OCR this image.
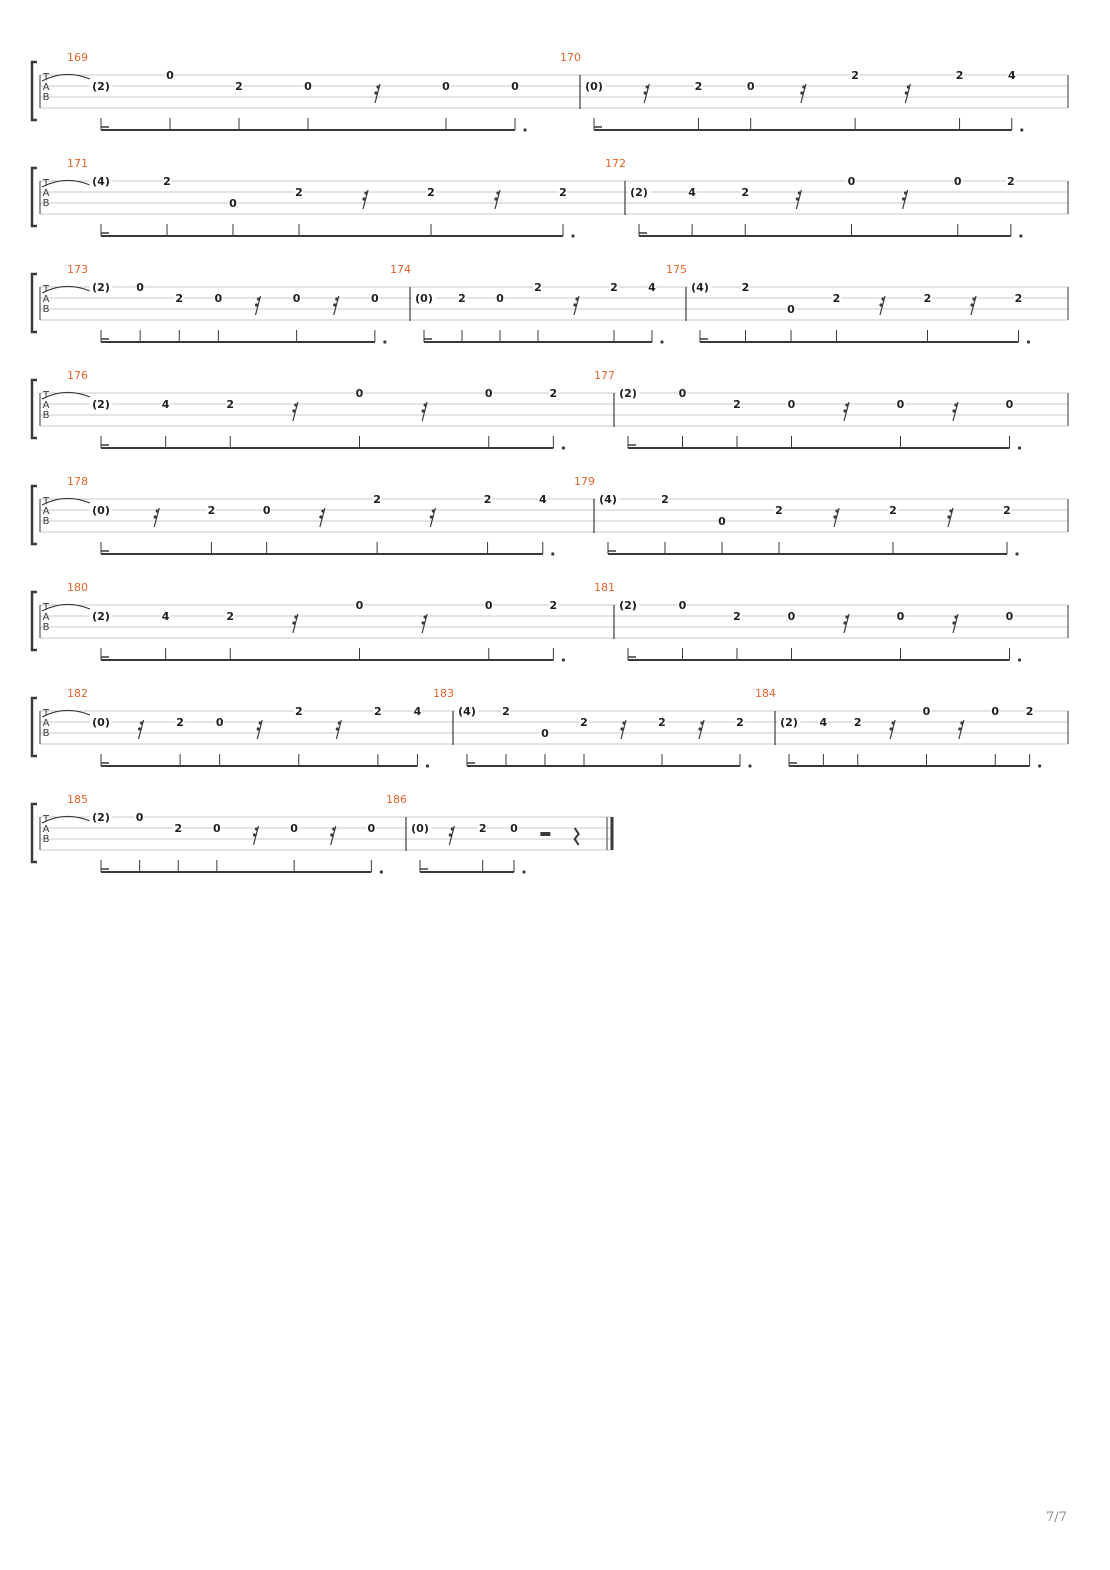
T
A
B
169
(2)
0
2	0	0	0
170
(0)	2	0
2	2	4
T
A
B
171
(4)	2
0
2	2	2
172
(2)	4	2
0	0	2
T
A
B
173
(2) 0
2	0	0	0
174
(0) 2	0
2	2	4
175
(4)	2
0
2	2	2
T
A
B
176
(2)	4	2
0	0	2
177
(2)	0
2	0	0	0
T
A
B
178
(0)	2	0
2	2	4
179
(4)	2
0
2	2	2
T
A
B
180
(2)	4	2
0	0	2
181
(2)	0
2	0	0	0
T
A
B
182
(0)	2	0
2	2	4
183
(4) 2
0
2	2	2
184
(2) 4 2
0	0 2
T
A
B
185
(2) 0
2	0	0	0
186
(0)	2 0
7/7
